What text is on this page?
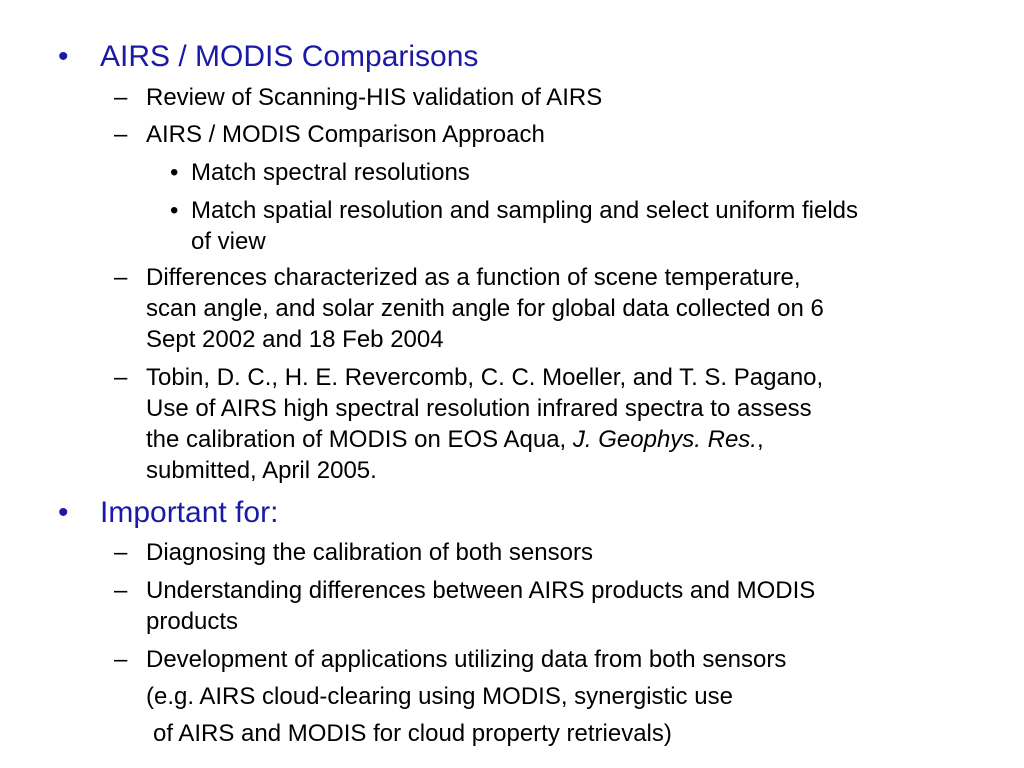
• AIRS / MODIS Comparisons
– Review of Scanning-HIS validation of AIRS
– AIRS / MODIS Comparison Approach
• Match spectral resolutions
• Match spatial resolution and sampling and select uniform fields
of view
– Differences characterized as a function of scene temperature,
scan angle, and solar zenith angle for global data collected on 6
Sept 2002 and 18 Feb 2004
– Tobin, D. C., H. E. Revercomb, C. C. Moeller, and T. S. Pagano,
Use of AIRS high spectral resolution infrared spectra to assess
the calibration of MODIS on EOS Aqua, J. Geophys. Res.,
submitted, April 2005.
• Important for:
– Diagnosing the calibration of both sensors
– Understanding differences between AIRS products and MODIS
products
– Development of applications utilizing data from both sensors
(e.g. AIRS cloud-clearing using MODIS, synergistic use
of AIRS and MODIS for cloud property retrievals)
